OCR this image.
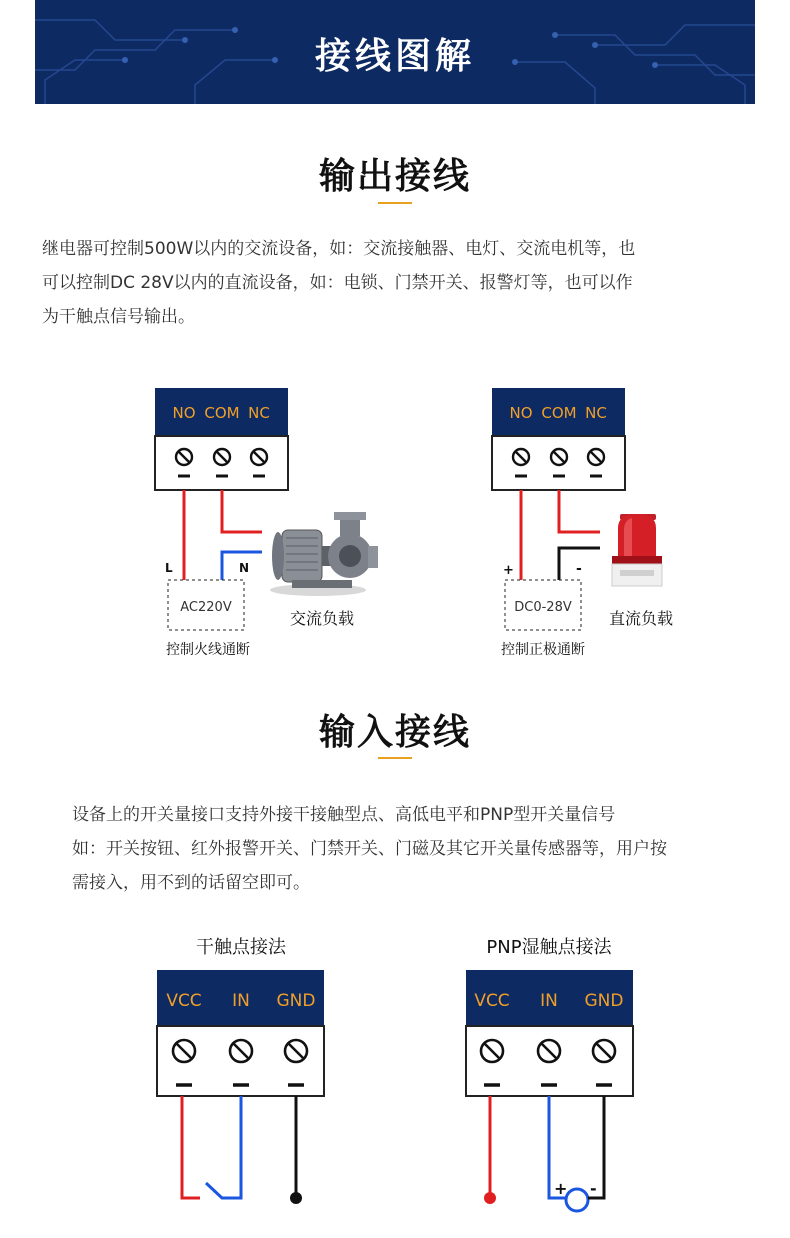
接线图解
输出接线
继电器可控制500W以内的交流设备，如：交流接触器、电灯、交流电机等，也
可以控制DC 28V以内的直流设备，如：电锁、门禁开关、报警灯等，也可以作
为干触点信号输出。
NO COM NC
L	N
AC220V
控制火线通断
交流负载
NO COM NC
+	-
DC0-28V
控制正极通断
直流负载
输入接线
设备上的开关量接口支持外接干接触型点、高低电平和PNP型开关量信号
如：开关按钮、红外报警开关、门禁开关、门磁及其它开关量传感器等，用户按
需接入，用不到的话留空即可。
干触点接法	PNP湿触点接法
VCC IN GND	VCC IN GND
+ -
